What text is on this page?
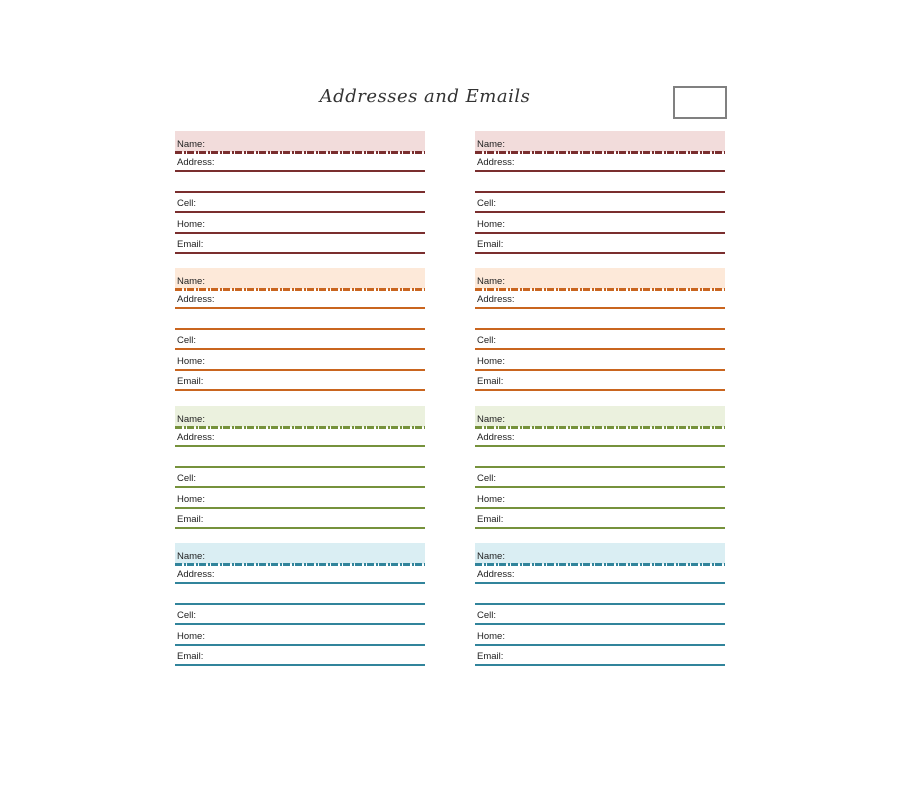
Addresses and Emails
Name:
Address:
Cell:
Home:
Email:
Name:
Address:
Cell:
Home:
Email:
Name:
Address:
Cell:
Home:
Email:
Name:
Address:
Cell:
Home:
Email:
Name:
Address:
Cell:
Home:
Email:
Name:
Address:
Cell:
Home:
Email:
Name:
Address:
Cell:
Home:
Email:
Name:
Address:
Cell:
Home:
Email:
